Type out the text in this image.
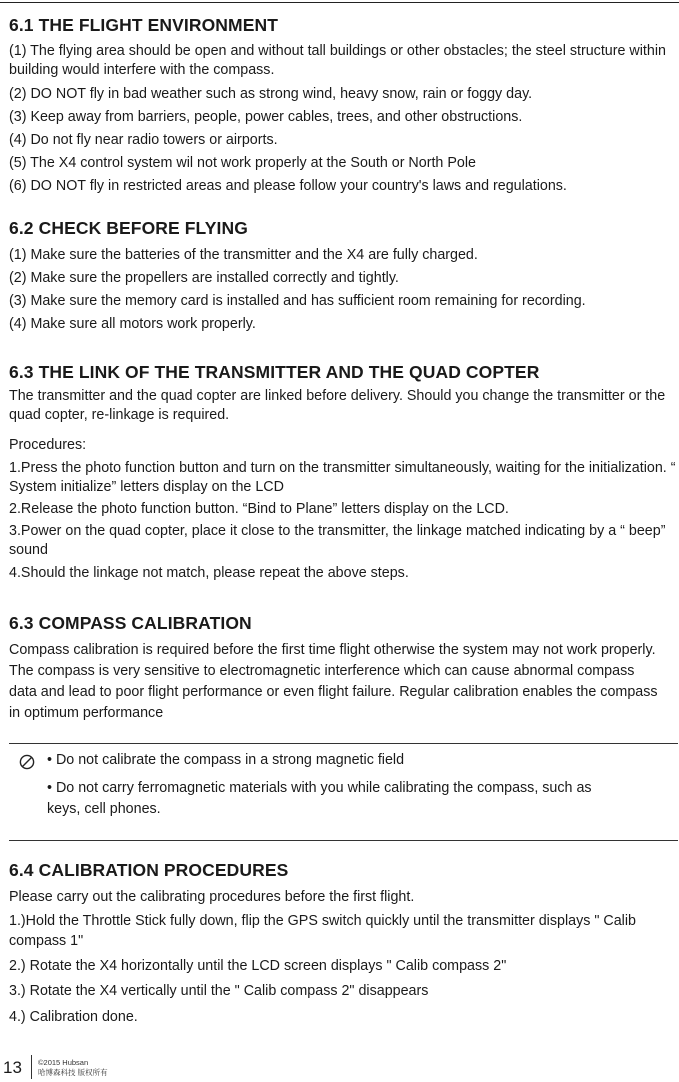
6.1 THE FLIGHT ENVIRONMENT

(1) The flying area should be open and without tall buildings or other obstacles; the steel structure within building would interfere with the compass.

(2) DO NOT fly in bad weather such as strong wind, heavy snow, rain or foggy day.

(3) Keep away from barriers, people, power cables, trees, and other obstructions.

(4) Do not fly near radio towers or airports.

(5) The X4 control system wil not work properly at the South or North Pole

(6) DO NOT fly in restricted areas and please follow your country's laws and regulations.

6.2 CHECK BEFORE FLYING

(1) Make sure the batteries of the transmitter and the X4 are fully charged.

(2) Make sure the propellers are installed correctly and tightly.

(3) Make sure the memory card is installed and has sufficient room remaining for recording.

(4) Make sure all motors work properly.

6.3 THE LINK OF THE TRANSMITTER AND THE QUAD COPTER

The transmitter and the quad copter are linked before delivery. Should you change the transmitter or the quad copter, re-linkage is required.

Procedures:

1.Press the photo function button and turn on the transmitter simultaneously, waiting for the initialization. “ System initialize” letters display on the LCD

2.Release the photo function button. “Bind to Plane” letters display on the LCD.

3.Power on the quad copter, place it close to the transmitter, the linkage matched indicating by a “ beep” sound

4.Should the linkage not match, please repeat the above steps.

6.3 COMPASS CALIBRATION

Compass calibration is required before the first time flight otherwise the system may not work properly. The compass is very sensitive to electromagnetic interference which can cause abnormal compass data and lead to poor flight performance or even flight failure. Regular calibration enables the compass in optimum performance

• Do not calibrate the compass in a strong magnetic field
• Do not carry ferromagnetic materials with you while calibrating the compass, such as keys, cell phones.
6.4 CALIBRATION PROCEDURES

Please carry out the calibrating procedures before the first flight.

1.)Hold the Throttle Stick fully down, flip the GPS switch quickly until the transmitter displays " Calib compass 1"

2.) Rotate the X4 horizontally until the LCD screen displays " Calib compass 2"

3.) Rotate the X4 vertically until the " Calib compass 2" disappears

4.) Calibration done.

13 ©2015 Hubsan
哈博森科技 版权所有
